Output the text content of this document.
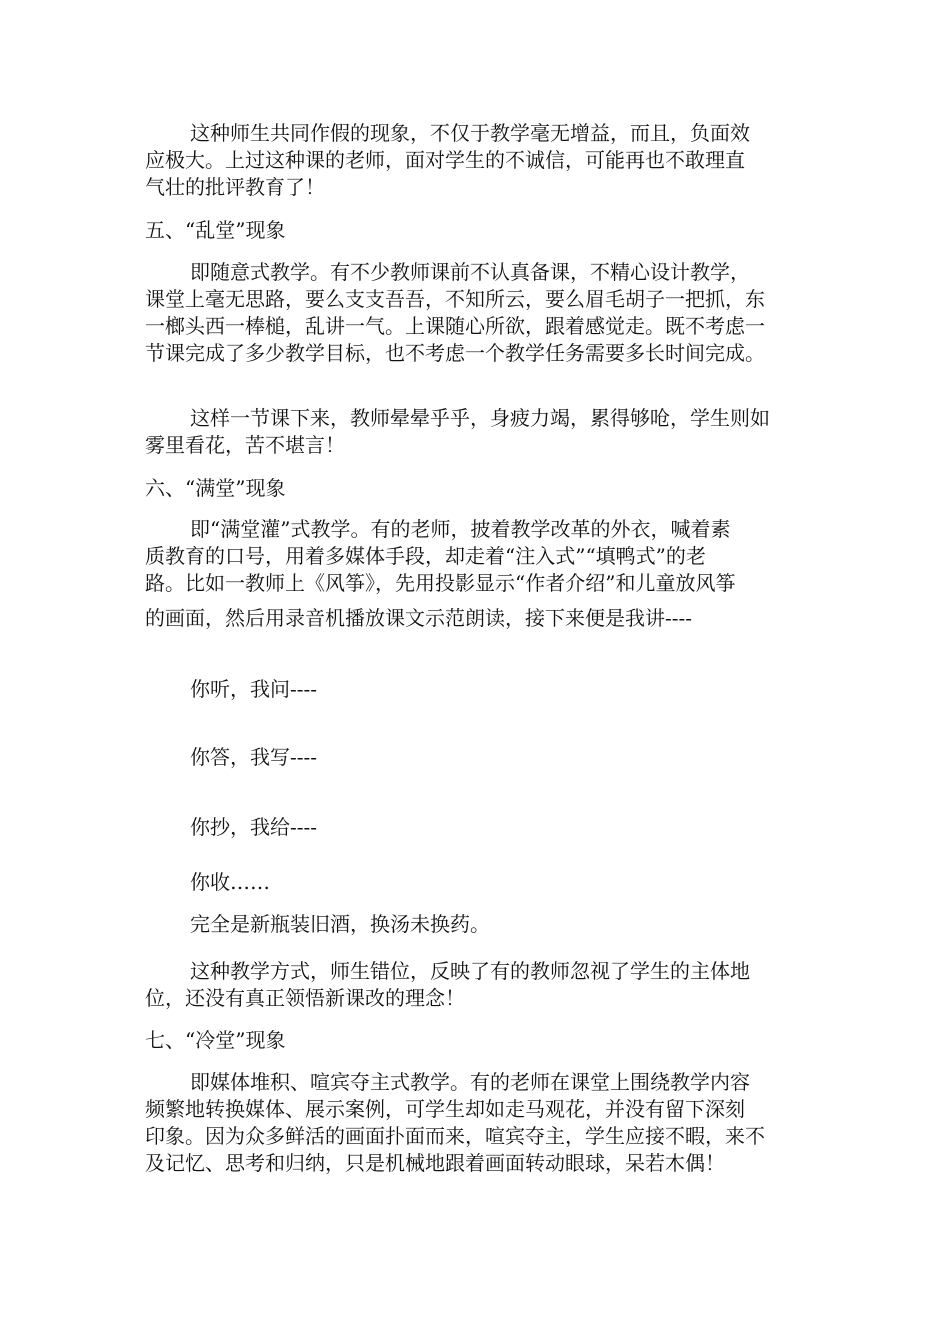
这种师生共同作假的现象，不仅于教学毫无增益，而且，负面效
应极大。上过这种课的老师，面对学生的不诚信，可能再也不敢理直
气壮的批评教育了！
五、“乱堂”现象
即随意式教学。有不少教师课前不认真备课，不精心设计教学，
课堂上毫无思路，要么支支吾吾，不知所云，要么眉毛胡子一把抓，东
一榔头西一棒槌，乱讲一气。上课随心所欲，跟着感觉走。既不考虑一
节课完成了多少教学目标，也不考虑一个教学任务需要多长时间完成。
这样一节课下来，教师晕晕乎乎，身疲力竭，累得够呛，学生则如
雾里看花，苦不堪言！
六、“满堂”现象
即“满堂灌”式教学。有的老师，披着教学改革的外衣，喊着素
质教育的口号，用着多媒体手段，却走着“注入式”“填鸭式”的老
路。比如一教师上《风筝》，先用投影显示“作者介绍”和儿童放风筝
的画面，然后用录音机播放课文示范朗读，接下来便是我讲----
你听，我问----
你答，我写----
你抄，我给----
你收……
完全是新瓶装旧酒，换汤未换药。
这种教学方式，师生错位，反映了有的教师忽视了学生的主体地
位，还没有真正领悟新课改的理念！
七、“冷堂”现象
即媒体堆积、喧宾夺主式教学。有的老师在课堂上围绕教学内容
频繁地转换媒体、展示案例，可学生却如走马观花，并没有留下深刻
印象。因为众多鲜活的画面扑面而来，喧宾夺主，学生应接不暇，来不
及记忆、思考和归纳，只是机械地跟着画面转动眼球，呆若木偶！
